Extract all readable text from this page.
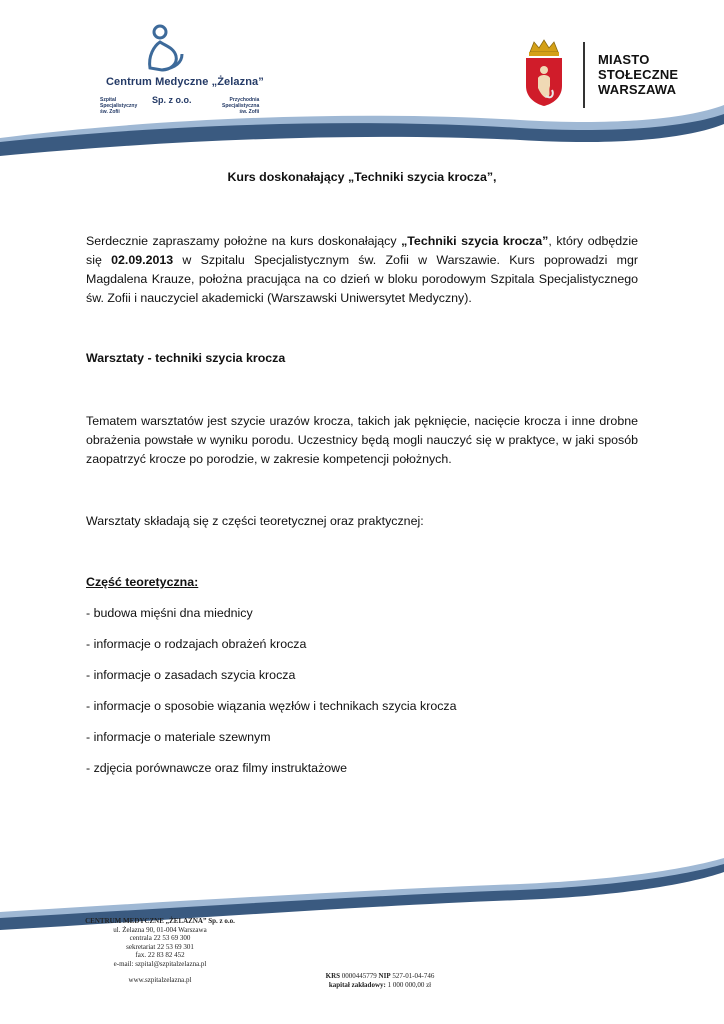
Centrum Medyczne „Żelazna”
Sp. z o.o.
Szpital
Specjalistyczny
św. Zofii
Przychodnia
Specjalistyczna
św. Zofii
MIASTO
STOŁECZNE
WARSZAWA
Kurs doskonałający „Techniki szycia krocza”,

Serdecznie zapraszamy położne na kurs doskonałający „Techniki szycia krocza”, który odbędzie się 02.09.2013 w Szpitalu Specjalistycznym św. Zofii w Warszawie. Kurs poprowadzi mgr Magdalena Krauze, położna pracująca na co dzień w bloku porodowym Szpitala Specjalistycznego św. Zofii i nauczyciel akademicki (Warszawski Uniwersytet Medyczny).

Warsztaty - techniki szycia krocza

Tematem warsztatów jest szycie urazów krocza, takich jak pęknięcie, nacięcie krocza i inne drobne obrażenia powstałe w wyniku porodu. Uczestnicy będą mogli nauczyć się w praktyce, w jaki sposób zaopatrzyć krocze po porodzie, w zakresie kompetencji położnych.

Warsztaty składają się z części teoretycznej oraz praktycznej:
Część teoretyczna:
- budowa mięśni dna miednicy
- informacje o rodzajach obrażeń krocza
- informacje o zasadach szycia krocza
- informacje o sposobie wiązania węzłów i technikach szycia krocza
- informacje o materiale szewnym
- zdjęcia porównawcze oraz filmy instruktażowe
CENTRUM MEDYCZNE „ŻELAZNA” Sp. z o.o.
ul. Żelazna 90, 01-004 Warszawa
centrala 22 53 69 300
sekretariat 22 53 69 301
fax. 22 83 82 452
e-mail: szpital@szpitalzelazna.pl
www.szpitalzelazna.pl	KRS 0000445779 NIP 527-01-04-746
kapitał zakładowy: 1 000 000,00 zł
